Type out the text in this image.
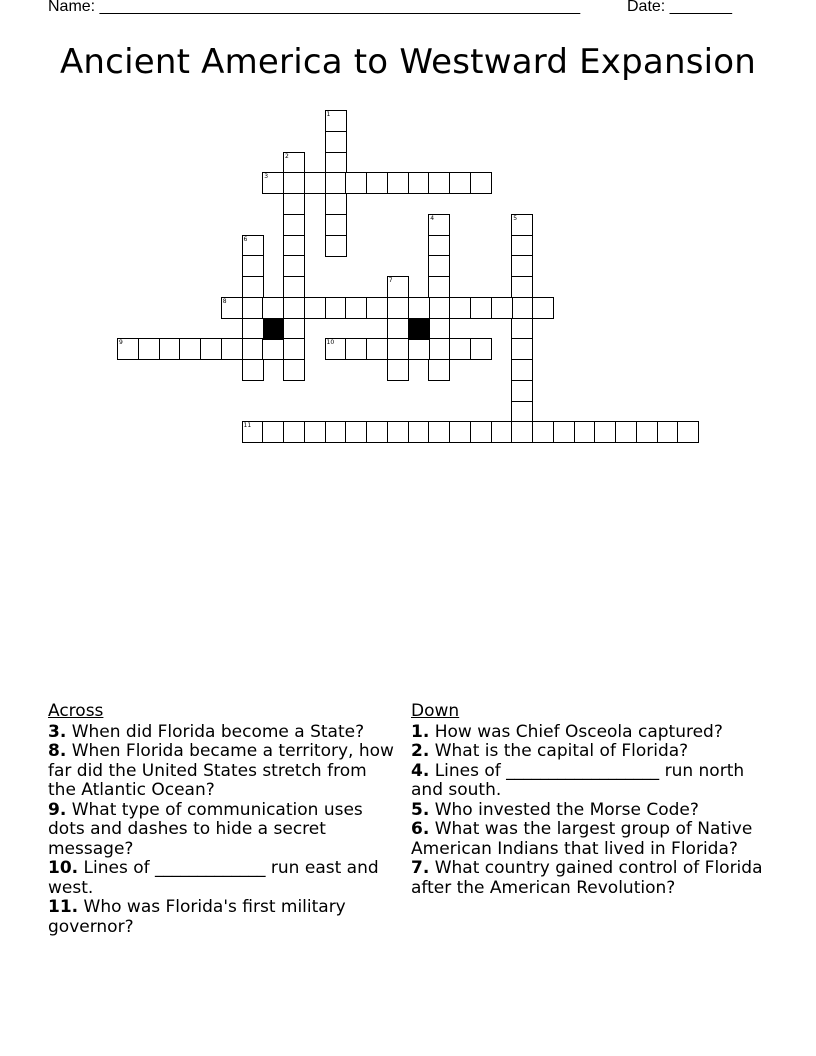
Name: ______________________________________________________	Date: _______
Ancient America to Westward Expansion
1
2
3
4	5
6
7
8
9	10
11
Across
3. When did Florida become a State?
8. When Florida became a territory, how far did the United States stretch from the Atlantic Ocean?
9. What type of communication uses dots and dashes to hide a secret message?
10. Lines of _____________ run east and west.
11. Who was Florida's first military governor?
Down
1. How was Chief Osceola captured?
2. What is the capital of Florida?
4. Lines of __________________ run north and south.
5. Who invested the Morse Code?
6. What was the largest group of Native American Indians that lived in Florida?
7. What country gained control of Florida after the American Revolution?
